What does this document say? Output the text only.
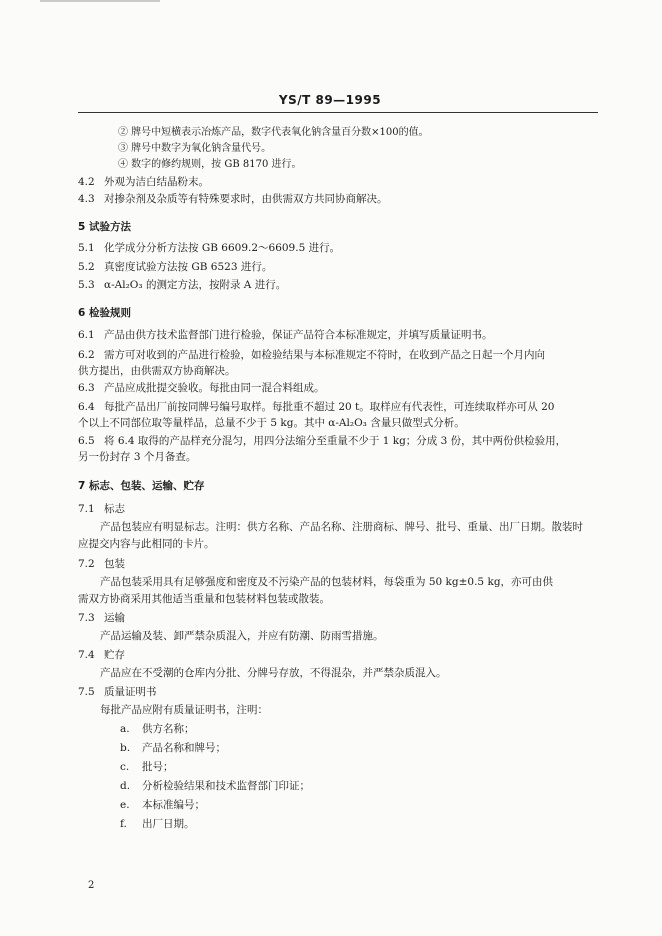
YS/T 89—1995
② 牌号中短横表示冶炼产品，数字代表氧化钠含量百分数×100的值。
③ 牌号中数字为氧化钠含量代号。
④ 数字的修约规则，按 GB 8170 进行。
4.2 外观为洁白结晶粉末。
4.3 对掺杂剂及杂质等有特殊要求时，由供需双方共同协商解决。
5 试验方法
5.1 化学成分分析方法按 GB 6609.2～6609.5 进行。
5.2 真密度试验方法按 GB 6523 进行。
5.3 α-Al₂O₃ 的测定方法，按附录 A 进行。
6 检验规则
6.1 产品由供方技术监督部门进行检验，保证产品符合本标准规定，并填写质量证明书。
6.2 需方可对收到的产品进行检验，如检验结果与本标准规定不符时，在收到产品之日起一个月内向
供方提出，由供需双方协商解决。
6.3 产品应成批提交验收。每批由同一混合料组成。
6.4 每批产品出厂前按同牌号编号取样。每批重不超过 20 t。取样应有代表性，可连续取样亦可从 20
个以上不同部位取等量样品，总量不少于 5 kg。其中 α-Al₂O₃ 含量只做型式分析。
6.5 将 6.4 取得的产品样充分混匀，用四分法缩分至重量不少于 1 kg；分成 3 份，其中两份供检验用，
另一份封存 3 个月备查。
7 标志、包装、运输、贮存
7.1 标志
产品包装应有明显标志。注明：供方名称、产品名称、注册商标、牌号、批号、重量、出厂日期。散装时
应提交内容与此相同的卡片。
7.2 包装
产品包装采用具有足够强度和密度及不污染产品的包装材料，每袋重为 50 kg±0.5 kg，亦可由供
需双方协商采用其他适当重量和包装材料包装或散装。
7.3 运输
产品运输及装、卸严禁杂质混入，并应有防潮、防雨雪措施。
7.4 贮存
产品应在不受潮的仓库内分批、分牌号存放，不得混杂，并严禁杂质混入。
7.5 质量证明书
每批产品应附有质量证明书，注明：
a. 供方名称；
b. 产品名称和牌号；
c. 批号；
d. 分析检验结果和技术监督部门印证；
e. 本标准编号；
f. 出厂日期。
2
